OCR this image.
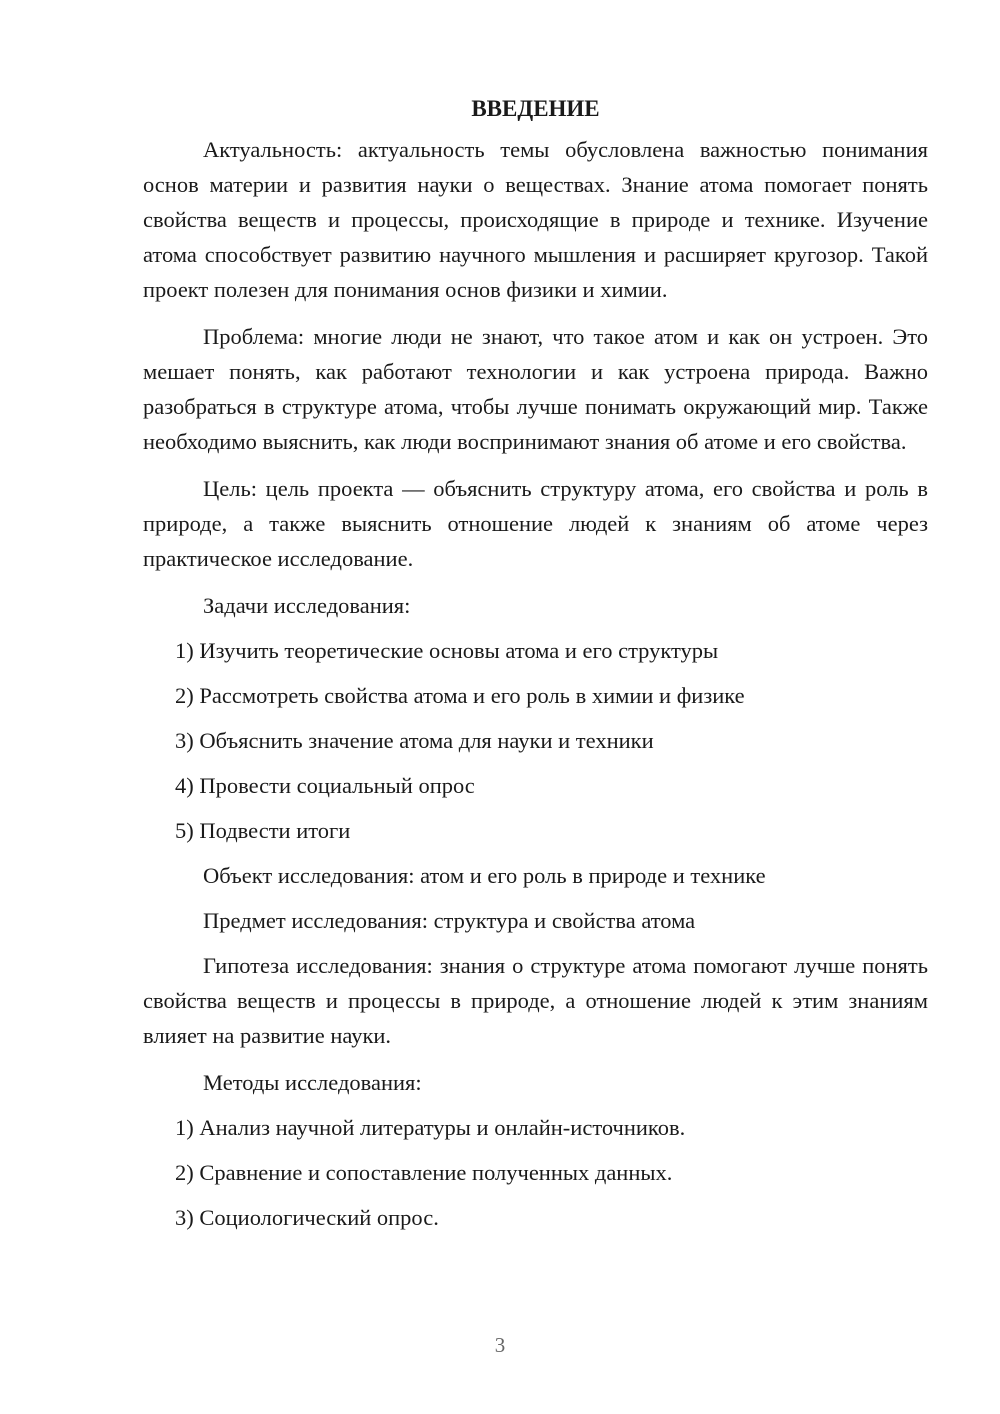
ВВЕДЕНИЕ

Актуальность: актуальность темы обусловлена важностью понимания основ материи и развития науки о веществах. Знание атома помогает понять свойства веществ и процессы, происходящие в природе и технике. Изучение атома способствует развитию научного мышления и расширяет кругозор. Такой проект полезен для понимания основ физики и химии.

Проблема: многие люди не знают, что такое атом и как он устроен. Это мешает понять, как работают технологии и как устроена природа. Важно разобраться в структуре атома, чтобы лучше понимать окружающий мир. Также необходимо выяснить, как люди воспринимают знания об атоме и его свойства.

Цель: цель проекта — объяснить структуру атома, его свойства и роль в природе, а также выяснить отношение людей к знаниям об атоме через практическое исследование.

Задачи исследования:

1) Изучить теоретические основы атома и его структуры

2) Рассмотреть свойства атома и его роль в химии и физике

3) Объяснить значение атома для науки и техники

4) Провести социальный опрос

5) Подвести итоги

Объект исследования: атом и его роль в природе и технике

Предмет исследования: структура и свойства атома

Гипотеза исследования: знания о структуре атома помогают лучше понять свойства веществ и процессы в природе, а отношение людей к этим знаниям влияет на развитие науки.

Методы исследования:

1) Анализ научной литературы и онлайн-источников.

2) Сравнение и сопоставление полученных данных.

3) Социологический опрос.

3
